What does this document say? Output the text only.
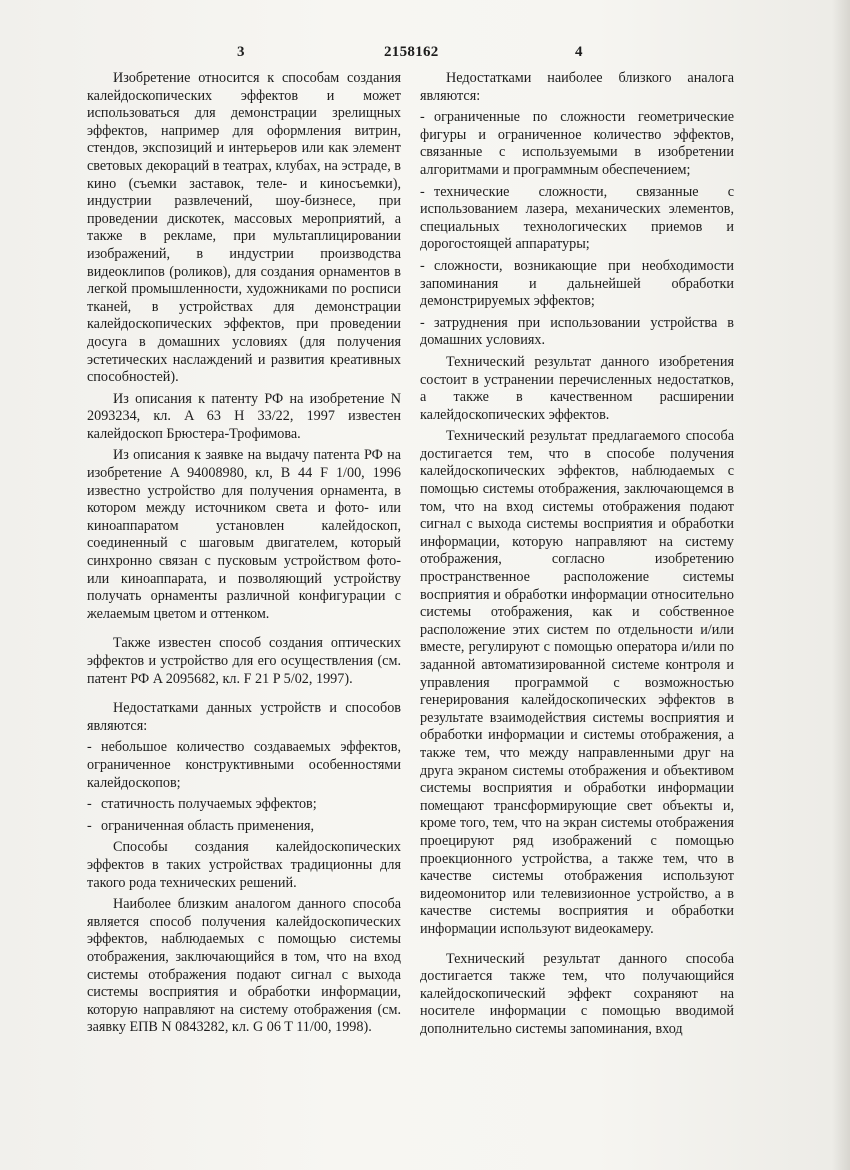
3	2158162	4

Изобретение относится к способам создания калейдоскопических эффектов и может использоваться для демонстрации зрелищных эффектов, например для оформления витрин, стендов, экспозиций и интерьеров или как элемент световых декораций в театрах, клубах, на эстраде, в кино (съемки заставок, теле- и киносъемки), индустрии развлечений, шоу-бизнесе, при проведении дискотек, массовых мероприятий, а также в рекламе, при мультаплицировании изображений, в индустрии производства видеоклипов (роликов), для создания орнаментов в легкой промышленности, художниками по росписи тканей, в устройствах для демонстрации калейдоскопических эффектов, при проведении досуга в домашних условиях (для получения эстетических наслаждений и развития креативных способностей).

Из описания к патенту РФ на изобретение N 2093234, кл. A 63 H 33/22, 1997 известен калейдоскоп Брюстера-Трофимова.

Из описания к заявке на выдачу патента РФ на изобретение A 94008980, кл, B 44 F 1/00, 1996 известно устройство для получения орнамента, в котором между источником света и фото- или киноаппаратом установлен калейдоскоп, соединенный с шаговым двигателем, который синхронно связан с пусковым устройством фото- или киноаппарата, и позволяющий устройству получать орнаменты различной конфигурации с желаемым цветом и оттенком.

Также известен способ создания оптических эффектов и устройство для его осуществления (см. патент РФ A 2095682, кл. F 21 P 5/02, 1997).

Недостатками данных устройств и способов являются:

- небольшое количество создаваемых эффектов, ограниченное конструктивными особенностями калейдоскопов;

- статичность получаемых эффектов;

- ограниченная область применения,

Способы создания калейдоскопических эффектов в таких устройствах традиционны для такого рода технических решений.

Наиболее близким аналогом данного способа является способ получения калейдоскопических эффектов, наблюдаемых с помощью системы отображения, заключающийся в том, что на вход системы отображения подают сигнал с выхода системы восприятия и обработки информации, которую направляют на систему отображения (см. заявку ЕПВ N 0843282, кл. G 06 T 11/00, 1998).

Недостатками наиболее близкого аналога являются:

- ограниченные по сложности геометрические фигуры и ограниченное количество эффектов, связанные с используемыми в изобретении алгоритмами и программным обеспечением;

- технические сложности, связанные с использованием лазера, механических элементов, специальных технологических приемов и дорогостоящей аппаратуры;

- сложности, возникающие при необходимости запоминания и дальнейшей обработки демонстрируемых эффектов;

- затруднения при использовании устройства в домашних условиях.

Технический результат данного изобретения состоит в устранении перечисленных недостатков, а также в качественном расширении калейдоскопических эффектов.

Технический результат предлагаемого способа достигается тем, что в способе получения калейдоскопических эффектов, наблюдаемых с помощью системы отображения, заключающемся в том, что на вход системы отображения подают сигнал с выхода системы восприятия и обработки информации, которую направляют на систему отображения, согласно изобретению пространственное расположение системы восприятия и обработки информации относительно системы отображения, как и собственное расположение этих систем по отдельности и/или вместе, регулируют с помощью оператора и/или по заданной автоматизированной системе контроля и управления программой с возможностью генерирования калейдоскопических эффектов в результате взаимодействия системы восприятия и обработки информации и системы отображения, а также тем, что между направленными друг на друга экраном системы отображения и объективом системы восприятия и обработки информации помещают трансформирующие свет объекты и, кроме того, тем, что на экран системы отображения проецируют ряд изображений с помощью проекционного устройства, а также тем, что в качестве системы отображения используют видеомонитор или телевизионное устройство, а в качестве системы восприятия и обработки информации используют видеокамеру.

Технический результат данного способа достигается также тем, что получающийся калейдоскопический эффект сохраняют на носителе информации с помощью вводимой дополнительно системы запоминания, вход
